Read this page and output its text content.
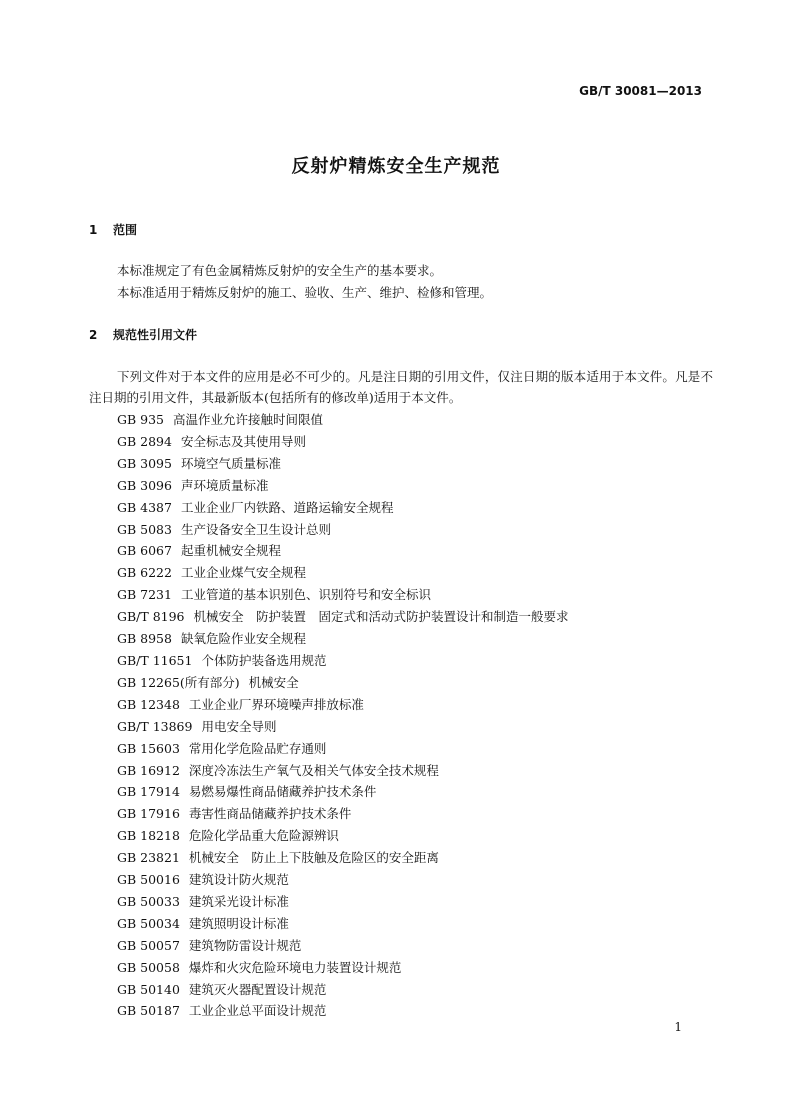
GB/T 30081—2013
反射炉精炼安全生产规范
1 范围

本标准规定了有色金属精炼反射炉的安全生产的基本要求。

本标准适用于精炼反射炉的施工、验收、生产、维护、检修和管理。

2 规范性引用文件

下列文件对于本文件的应用是必不可少的。凡是注日期的引用文件，仅注日期的版本适用于本文件。凡是不注日期的引用文件，其最新版本(包括所有的修改单)适用于本文件。

GB 935 高温作业允许接触时间限值
GB 2894 安全标志及其使用导则
GB 3095 环境空气质量标准
GB 3096 声环境质量标准
GB 4387 工业企业厂内铁路、道路运输安全规程
GB 5083 生产设备安全卫生设计总则
GB 6067 起重机械安全规程
GB 6222 工业企业煤气安全规程
GB 7231 工业管道的基本识别色、识别符号和安全标识
GB/T 8196 机械安全　防护装置　固定式和活动式防护装置设计和制造一般要求
GB 8958 缺氧危险作业安全规程
GB/T 11651 个体防护装备选用规范
GB 12265(所有部分) 机械安全
GB 12348 工业企业厂界环境噪声排放标准
GB/T 13869 用电安全导则
GB 15603 常用化学危险品贮存通则
GB 16912 深度冷冻法生产氧气及相关气体安全技术规程
GB 17914 易燃易爆性商品储藏养护技术条件
GB 17916 毒害性商品储藏养护技术条件
GB 18218 危险化学品重大危险源辨识
GB 23821 机械安全　防止上下肢触及危险区的安全距离
GB 50016 建筑设计防火规范
GB 50033 建筑采光设计标准
GB 50034 建筑照明设计标准
GB 50057 建筑物防雷设计规范
GB 50058 爆炸和火灾危险环境电力装置设计规范
GB 50140 建筑灭火器配置设计规范
GB 50187 工业企业总平面设计规范
1
